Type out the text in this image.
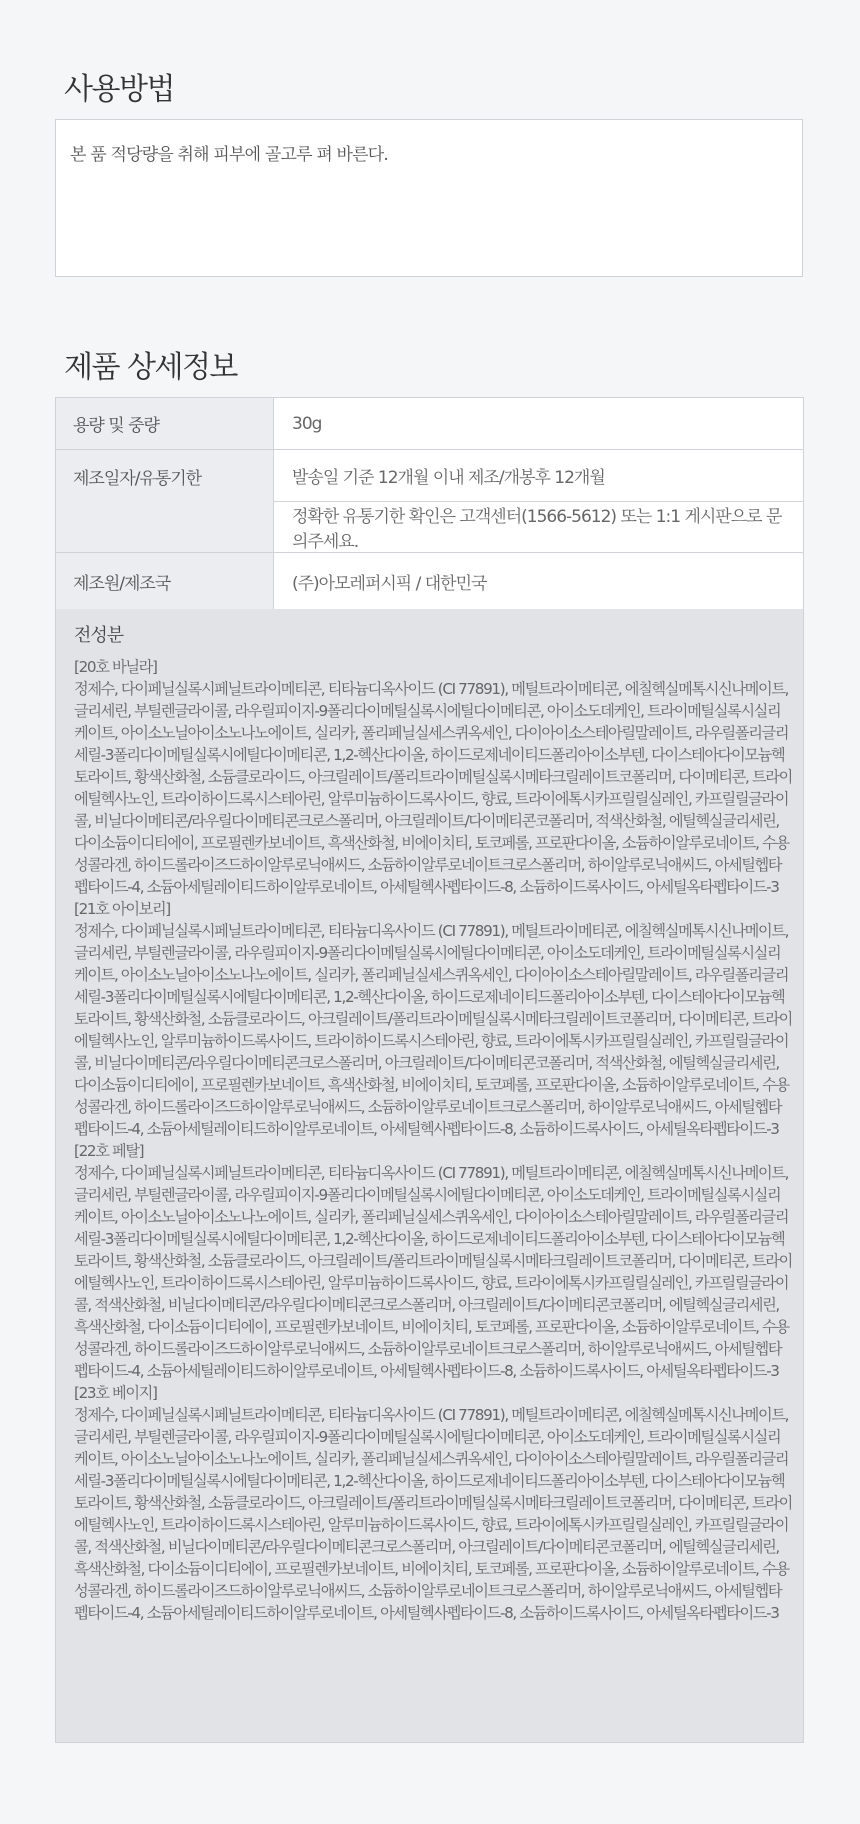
사용방법
본 품 적당량을 취해 피부에 골고루 펴 바른다.
제품 상세정보
용량 및 중량	30g
제조일자/유통기한	발송일 기준 12개월 이내 제조/개봉후 12개월
	정확한 유통기한 확인은 고객센터(1566-5612) 또는 1:1 게시판으로 문의주세요.
제조원/제조국	(주)아모레퍼시픽 / 대한민국

전성분

[20호 바닐라]

정제수, 다이페닐실록시페닐트라이메티콘, 티타늄디옥사이드 (CI 77891), 메틸트라이메티콘, 에칠헥실메톡시신나메이트, 글리세린, 부틸렌글라이콜, 라우릴피이지-9폴리다이메틸실록시에틸다이메티콘, 아이소도데케인, 트라이메틸실록시실리케이트, 아이소노닐아이소노나노에이트, 실리카, 폴리페닐실세스퀴옥세인, 다이아이소스테아릴말레이트, 라우릴폴리글리세릴-3폴리다이메틸실록시에틸다이메티콘, 1,2-헥산다이올, 하이드로제네이티드폴리아이소부텐, 다이스테아다이모늄헥토라이트, 황색산화철, 소듐클로라이드, 아크릴레이트/폴리트라이메틸실록시메타크릴레이트코폴리머, 다이메티콘, 트라이에틸헥사노인, 트라이하이드록시스테아린, 알루미늄하이드록사이드, 향료, 트라이에톡시카프릴릴실레인, 카프릴릴글라이콜, 비닐다이메티콘/라우릴다이메티콘크로스폴리머, 아크릴레이트/다이메티콘코폴리머, 적색산화철, 에틸헥실글리세린, 다이소듐이디티에이, 프로필렌카보네이트, 흑색산화철, 비에이치티, 토코페롤, 프로판다이올, 소듐하이알루로네이트, 수용성콜라겐, 하이드롤라이즈드하이알루로닉애씨드, 소듐하이알루로네이트크로스폴리머, 하이알루로닉애씨드, 아세틸헵타펩타이드-4, 소듐아세틸레이티드하이알루로네이트, 아세틸헥사펩타이드-8, 소듐하이드록사이드, 아세틸옥타펩타이드-3

[21호 아이보리]

정제수, 다이페닐실록시페닐트라이메티콘, 티타늄디옥사이드 (CI 77891), 메틸트라이메티콘, 에칠헥실메톡시신나메이트, 글리세린, 부틸렌글라이콜, 라우릴피이지-9폴리다이메틸실록시에틸다이메티콘, 아이소도데케인, 트라이메틸실록시실리케이트, 아이소노닐아이소노나노에이트, 실리카, 폴리페닐실세스퀴옥세인, 다이아이소스테아릴말레이트, 라우릴폴리글리세릴-3폴리다이메틸실록시에틸다이메티콘, 1,2-헥산다이올, 하이드로제네이티드폴리아이소부텐, 다이스테아다이모늄헥토라이트, 황색산화철, 소듐클로라이드, 아크릴레이트/폴리트라이메틸실록시메타크릴레이트코폴리머, 다이메티콘, 트라이에틸헥사노인, 알루미늄하이드록사이드, 트라이하이드록시스테아린, 향료, 트라이에톡시카프릴릴실레인, 카프릴릴글라이콜, 비닐다이메티콘/라우릴다이메티콘크로스폴리머, 아크릴레이트/다이메티콘코폴리머, 적색산화철, 에틸헥실글리세린, 다이소듐이디티에이, 프로필렌카보네이트, 흑색산화철, 비에이치티, 토코페롤, 프로판다이올, 소듐하이알루로네이트, 수용성콜라겐, 하이드롤라이즈드하이알루로닉애씨드, 소듐하이알루로네이트크로스폴리머, 하이알루로닉애씨드, 아세틸헵타펩타이드-4, 소듐아세틸레이티드하이알루로네이트, 아세틸헥사펩타이드-8, 소듐하이드록사이드, 아세틸옥타펩타이드-3

[22호 페탈]

정제수, 다이페닐실록시페닐트라이메티콘, 티타늄디옥사이드 (CI 77891), 메틸트라이메티콘, 에칠헥실메톡시신나메이트, 글리세린, 부틸렌글라이콜, 라우릴피이지-9폴리다이메틸실록시에틸다이메티콘, 아이소도데케인, 트라이메틸실록시실리케이트, 아이소노닐아이소노나노에이트, 실리카, 폴리페닐실세스퀴옥세인, 다이아이소스테아릴말레이트, 라우릴폴리글리세릴-3폴리다이메틸실록시에틸다이메티콘, 1,2-헥산다이올, 하이드로제네이티드폴리아이소부텐, 다이스테아다이모늄헥토라이트, 황색산화철, 소듐클로라이드, 아크릴레이트/폴리트라이메틸실록시메타크릴레이트코폴리머, 다이메티콘, 트라이에틸헥사노인, 트라이하이드록시스테아린, 알루미늄하이드록사이드, 향료, 트라이에톡시카프릴릴실레인, 카프릴릴글라이콜, 적색산화철, 비닐다이메티콘/라우릴다이메티콘크로스폴리머, 아크릴레이트/다이메티콘코폴리머, 에틸헥실글리세린, 흑색산화철, 다이소듐이디티에이, 프로필렌카보네이트, 비에이치티, 토코페롤, 프로판다이올, 소듐하이알루로네이트, 수용성콜라겐, 하이드롤라이즈드하이알루로닉애씨드, 소듐하이알루로네이트크로스폴리머, 하이알루로닉애씨드, 아세틸헵타펩타이드-4, 소듐아세틸레이티드하이알루로네이트, 아세틸헥사펩타이드-8, 소듐하이드록사이드, 아세틸옥타펩타이드-3

[23호 베이지]

정제수, 다이페닐실록시페닐트라이메티콘, 티타늄디옥사이드 (CI 77891), 메틸트라이메티콘, 에칠헥실메톡시신나메이트, 글리세린, 부틸렌글라이콜, 라우릴피이지-9폴리다이메틸실록시에틸다이메티콘, 아이소도데케인, 트라이메틸실록시실리케이트, 아이소노닐아이소노나노에이트, 실리카, 폴리페닐실세스퀴옥세인, 다이아이소스테아릴말레이트, 라우릴폴리글리세릴-3폴리다이메틸실록시에틸다이메티콘, 1,2-헥산다이올, 하이드로제네이티드폴리아이소부텐, 다이스테아다이모늄헥토라이트, 황색산화철, 소듐클로라이드, 아크릴레이트/폴리트라이메틸실록시메타크릴레이트코폴리머, 다이메티콘, 트라이에틸헥사노인, 트라이하이드록시스테아린, 알루미늄하이드록사이드, 향료, 트라이에톡시카프릴릴실레인, 카프릴릴글라이콜, 적색산화철, 비닐다이메티콘/라우릴다이메티콘크로스폴리머, 아크릴레이트/다이메티콘코폴리머, 에틸헥실글리세린, 흑색산화철, 다이소듐이디티에이, 프로필렌카보네이트, 비에이치티, 토코페롤, 프로판다이올, 소듐하이알루로네이트, 수용성콜라겐, 하이드롤라이즈드하이알루로닉애씨드, 소듐하이알루로네이트크로스폴리머, 하이알루로닉애씨드, 아세틸헵타펩타이드-4, 소듐아세틸레이티드하이알루로네이트, 아세틸헥사펩타이드-8, 소듐하이드록사이드, 아세틸옥타펩타이드-3
